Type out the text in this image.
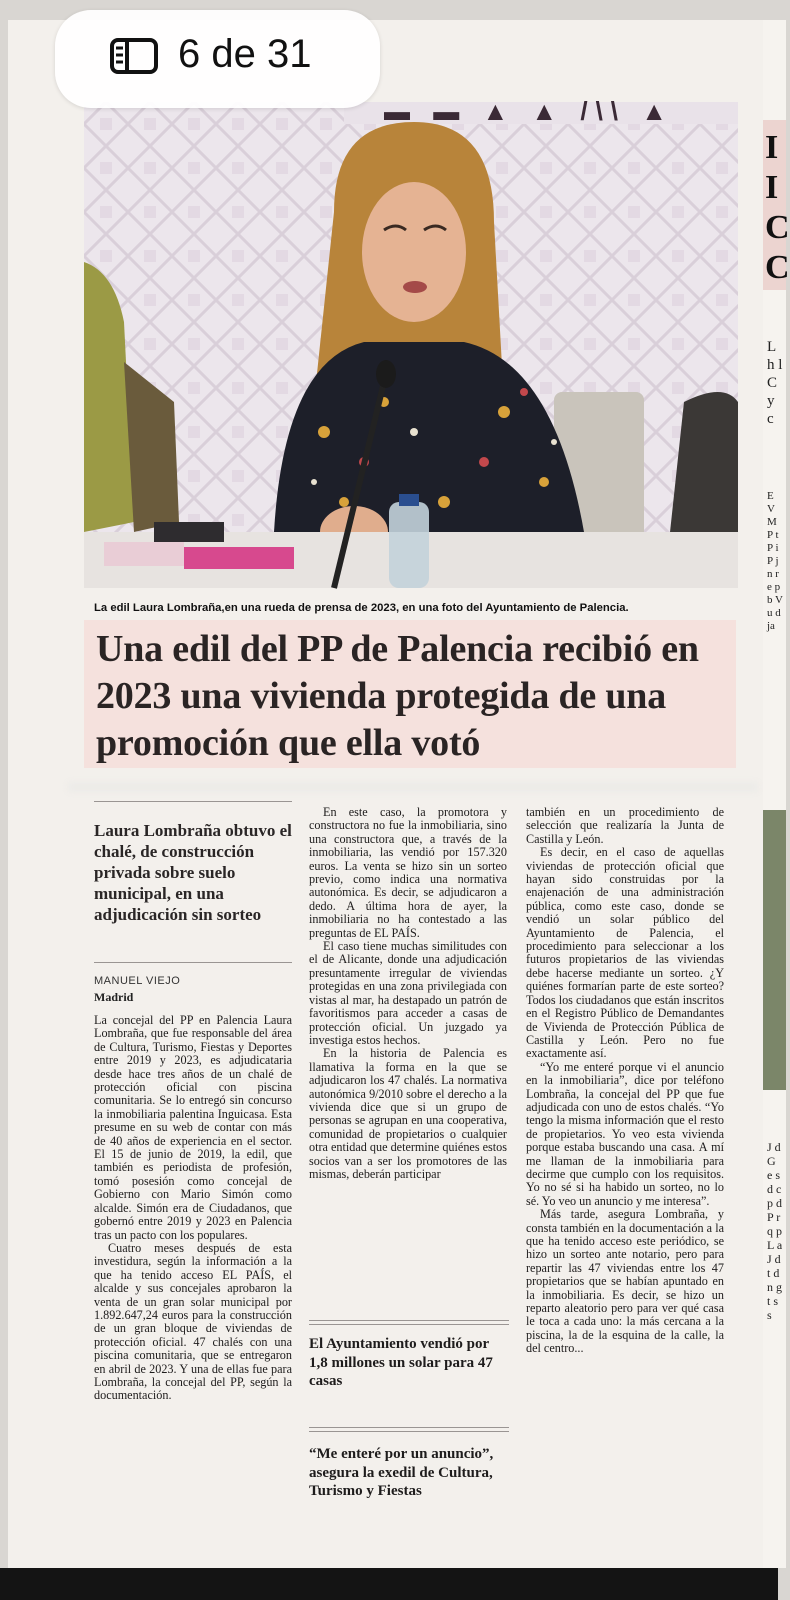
▬ ▬ ▲ ▲ /\\ ▲
La edil Laura Lombraña,en una rueda de prensa de 2023, en una foto del Ayuntamiento de Palencia.
Una edil del PP de Palencia recibió en 2023 una vivienda protegida de una promoción que ella votó
Laura Lombraña obtuvo el chalé, de construcción privada sobre suelo municipal, en una adjudicación sin sorteo
MANUEL VIEJO
Madrid

La concejal del PP en Palencia Laura Lombraña, que fue responsable del área de Cultura, Turismo, Fiestas y Deportes entre 2019 y 2023, es adjudicataria desde hace tres años de un chalé de protección oficial con piscina comunitaria. Se lo entregó sin concurso la inmobiliaria palentina Inguicasa. Esta presume en su web de contar con más de 40 años de experiencia en el sector. El 15 de junio de 2019, la edil, que también es periodista de profesión, tomó posesión como concejal de Gobierno con Mario Simón como alcalde. Simón era de Ciudadanos, que gobernó entre 2019 y 2023 en Palencia tras un pacto con los populares.

Cuatro meses después de esta investidura, según la información a la que ha tenido acceso EL PAÍS, el alcalde y sus concejales aprobaron la venta de un gran solar municipal por 1.892.647,24 euros para la construcción de un gran bloque de viviendas de protección oficial. 47 chalés con una piscina comunitaria, que se entregaron en abril de 2023. Y una de ellas fue para Lombraña, la concejal del PP, según la documentación.

En este caso, la promotora y constructora no fue la inmobiliaria, sino una constructora que, a través de la inmobiliaria, las vendió por 157.320 euros. La venta se hizo sin un sorteo previo, como indica una normativa autonómica. Es decir, se adjudicaron a dedo. A última hora de ayer, la inmobiliaria no ha contestado a las preguntas de EL PAÍS.

El caso tiene muchas similitudes con el de Alicante, donde una adjudicación presuntamente irregular de viviendas protegidas en una zona privilegiada con vistas al mar, ha destapado un patrón de favoritismos para acceder a casas de protección oficial. Un juzgado ya investiga estos hechos.

En la historia de Palencia es llamativa la forma en la que se adjudicaron los 47 chalés. La normativa autonómica 9/2010 sobre el derecho a la vivienda dice que si un grupo de personas se agrupan en una cooperativa, comunidad de propietarios o cualquier otra entidad que determine quiénes estos socios van a ser los promotores de las mismas, deberán participar

El Ayuntamiento vendió por 1,8 millones un solar para 47 casas

“Me enteré por un anuncio”, asegura la exedil de Cultura, Turismo y Fiestas

también en un procedimiento de selección que realizaría la Junta de Castilla y León.

Es decir, en el caso de aquellas viviendas de protección oficial que hayan sido construidas por la enajenación de una administración pública, como este caso, donde se vendió un solar público del Ayuntamiento de Palencia, el procedimiento para seleccionar a los futuros propietarios de las viviendas debe hacerse mediante un sorteo. ¿Y quiénes formarían parte de este sorteo? Todos los ciudadanos que están inscritos en el Registro Público de Demandantes de Vivienda de Protección Pública de Castilla y León. Pero no fue exactamente así.

“Yo me enteré porque vi el anuncio en la inmobiliaria”, dice por teléfono Lombraña, la concejal del PP que fue adjudicada con uno de estos chalés. “Yo tengo la misma información que el resto de propietarios. Yo veo esta vivienda porque estaba buscando una casa. A mí me llaman de la inmobiliaria para decirme que cumplo con los requisitos. Yo no sé si ha habido un sorteo, no lo sé. Yo veo un anuncio y me interesa”.

Más tarde, asegura Lombraña, y consta también en la documentación a la que ha tenido acceso este periódico, se hizo un sorteo ante notario, pero para repartir las 47 viviendas entre los 47 propietarios que se habían apuntado en la inmobiliaria. Es decir, se hizo un reparto aleatorio pero para ver qué casa le toca a cada uno: la más cercana a la piscina, la de la esquina de la calle, la del centro...

I I C C
L h l C y c
E V M P t P i P j n r e p b V u d ja
J d G e s d c p d P r q p L a J d t d n g t s s
6 de 31
